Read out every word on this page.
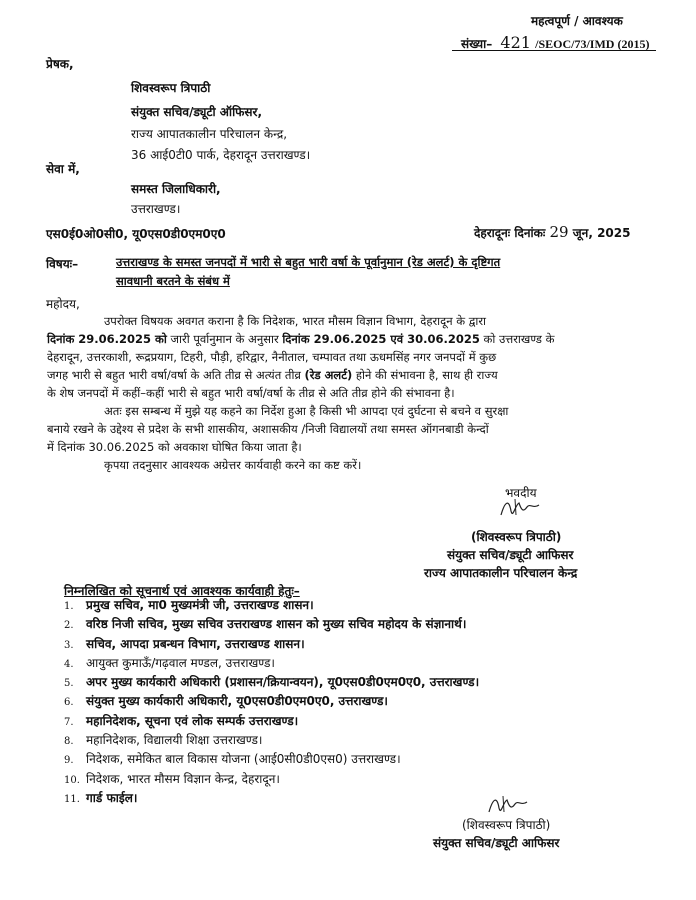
महत्वपूर्ण / आवश्यक
संख्या– 421 /SEOC/73/IMD (2015)
प्रेषक,
शिवस्वरूप त्रिपाठी
संयुक्त सचिव/ड्यूटी ऑफिसर,
राज्य आपातकालीन परिचालन केन्द्र,
36 आई0टी0 पार्क, देहरादून उत्तराखण्ड।
सेवा में,
समस्त जिलाधिकारी,
उत्तराखण्ड।
एस0ई0ओ0सी0, यू0एस0डी0एम0ए0	देहरादूनः दिनांकः 29 जून, 2025
विषयः–	उत्तराखण्ड के समस्त जनपदों में भारी से बहुत भारी वर्षा के पूर्वानुमान (रेड अलर्ट) के दृष्टिगत
सावधानी बरतने के संबंध में
महोदय,
उपरोक्त विषयक अवगत कराना है कि निदेशक, भारत मौसम विज्ञान विभाग, देहरादून के द्वारा
दिनांक 29.06.2025 को जारी पूर्वानुमान के अनुसार दिनांक 29.06.2025 एवं 30.06.2025 को उत्तराखण्ड के
देहरादून, उत्तरकाशी, रूद्रप्रयाग, टिहरी, पौड़ी, हरिद्वार, नैनीताल, चम्पावत तथा ऊधमसिंह नगर जनपदों में कुछ
जगह भारी से बहुत भारी वर्षा/वर्षा के अति तीव्र से अत्यंत तीव्र (रेड अलर्ट) होने की संभावना है, साथ ही राज्य
के शेष जनपदों में कहीं–कहीं भारी से बहुत भारी वर्षा/वर्षा के तीव्र से अति तीव्र होने की संभावना है।
अतः इस सम्बन्ध में मुझे यह कहने का निर्देश हुआ है किसी भी आपदा एवं दुर्घटना से बचने व सुरक्षा
बनाये रखने के उद्देश्य से प्रदेश के सभी शासकीय, अशासकीय /निजी विद्यालयों तथा समस्त ऑगनबाडी केन्दों
में दिनांक 30.06.2025 को अवकाश घोषित किया जाता है।
कृपया तदनुसार आवश्यक अग्रेत्तर कार्यवाही करने का कष्ट करें।
भवदीय
(शिवस्वरूप त्रिपाठी)
संयुक्त सचिव/ड्यूटी आफिसर
राज्य आपातकालीन परिचालन केन्द्र
निम्नलिखित को सूचनार्थ एवं आवश्यक कार्यवाही हेतुः–
1. प्रमुख सचिव, मा0 मुख्यमंत्री जी, उत्तराखण्ड शासन।
2. वरिष्ठ निजी सचिव, मुख्य सचिव उत्तराखण्ड शासन को मुख्य सचिव महोदय के संज्ञानार्थ।
3. सचिव, आपदा प्रबन्धन विभाग, उत्तराखण्ड शासन।
4. आयुक्त कुमाऊँ/गढ़वाल मण्डल, उत्तराखण्ड।
5. अपर मुख्य कार्यकारी अधिकारी (प्रशासन/क्रियान्वयन), यू0एस0डी0एम0ए0, उत्तराखण्ड।
6. संयुक्त मुख्य कार्यकारी अधिकारी, यू0एस0डी0एम0ए0, उत्तराखण्ड।
7. महानिदेशक, सूचना एवं लोक सम्पर्क उत्तराखण्ड।
8. महानिदेशक, विद्यालयी शिक्षा उत्तराखण्ड।
9. निदेशक, समेकित बाल विकास योजना (आई0सी0डी0एस0) उत्तराखण्ड।
10. निदेशक, भारत मौसम विज्ञान केन्द्र, देहरादून।
11. गार्ड फाईल।
(शिवस्वरूप त्रिपाठी)
संयुक्त सचिव/ड्यूटी आफिसर
